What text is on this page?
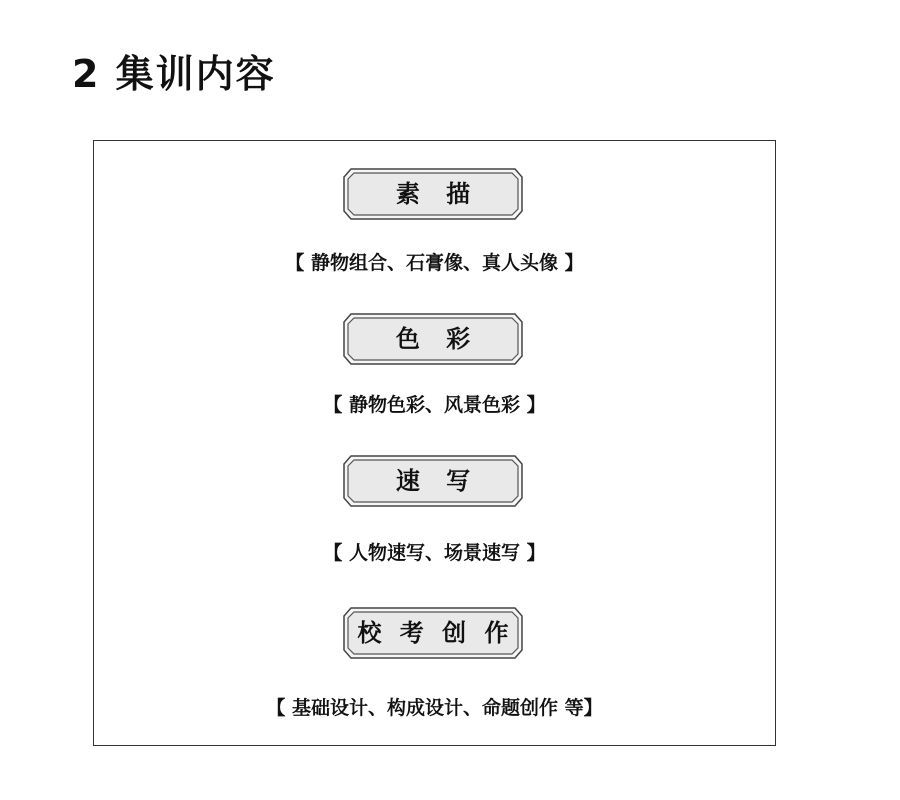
2 集训内容
素 描
【 静物组合、石膏像、真人头像 】
色 彩
【 静物色彩、风景色彩 】
速 写
【 人物速写、场景速写 】
校 考 创 作
【 基础设计、构成设计、命题创作 等】
